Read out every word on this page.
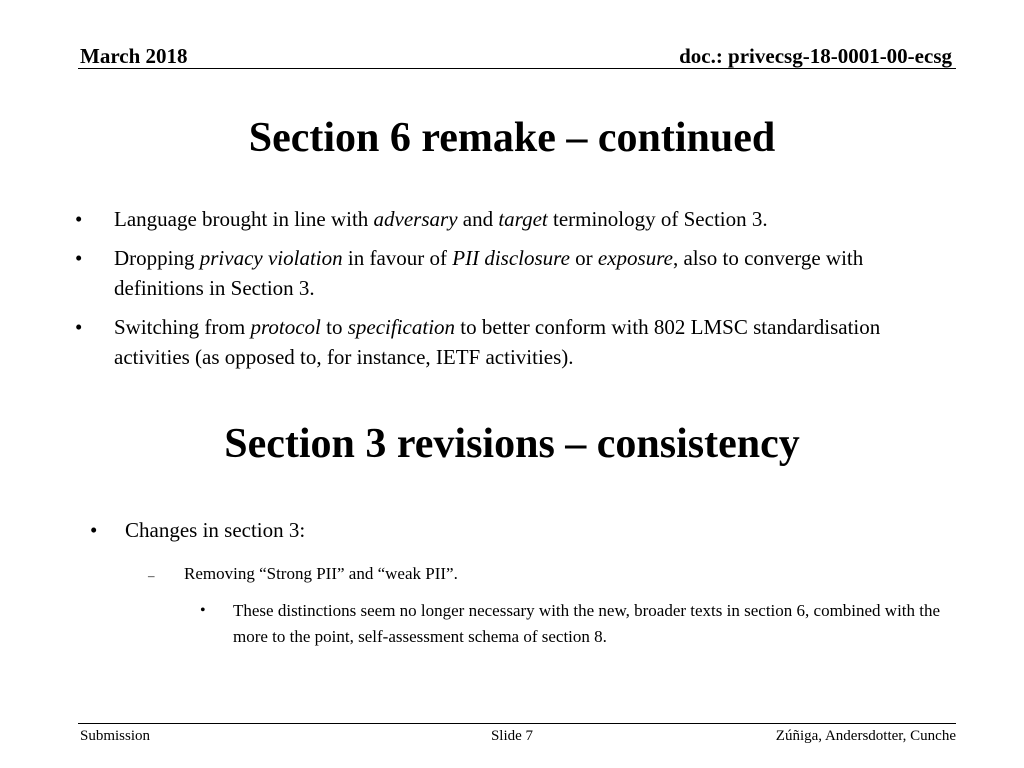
March 2018	doc.: privecsg-18-0001-00-ecsg
Section 6 remake – continued
• Language brought in line with adversary and target terminology of Section 3.
• Dropping privacy violation in favour of PII disclosure or exposure, also to converge with definitions in Section 3.
• Switching from protocol to specification to better conform with 802 LMSC standardisation activities (as opposed to, for instance, IETF activities).
Section 3 revisions – consistency
• Changes in section 3:
– Removing “Strong PII” and “weak PII”.
•	These distinctions seem no longer necessary with the new, broader texts in section 6, combined with the more to the point, self-assessment schema of section 8.
Submission	Slide 7	Zúñiga, Andersdotter, Cunche
